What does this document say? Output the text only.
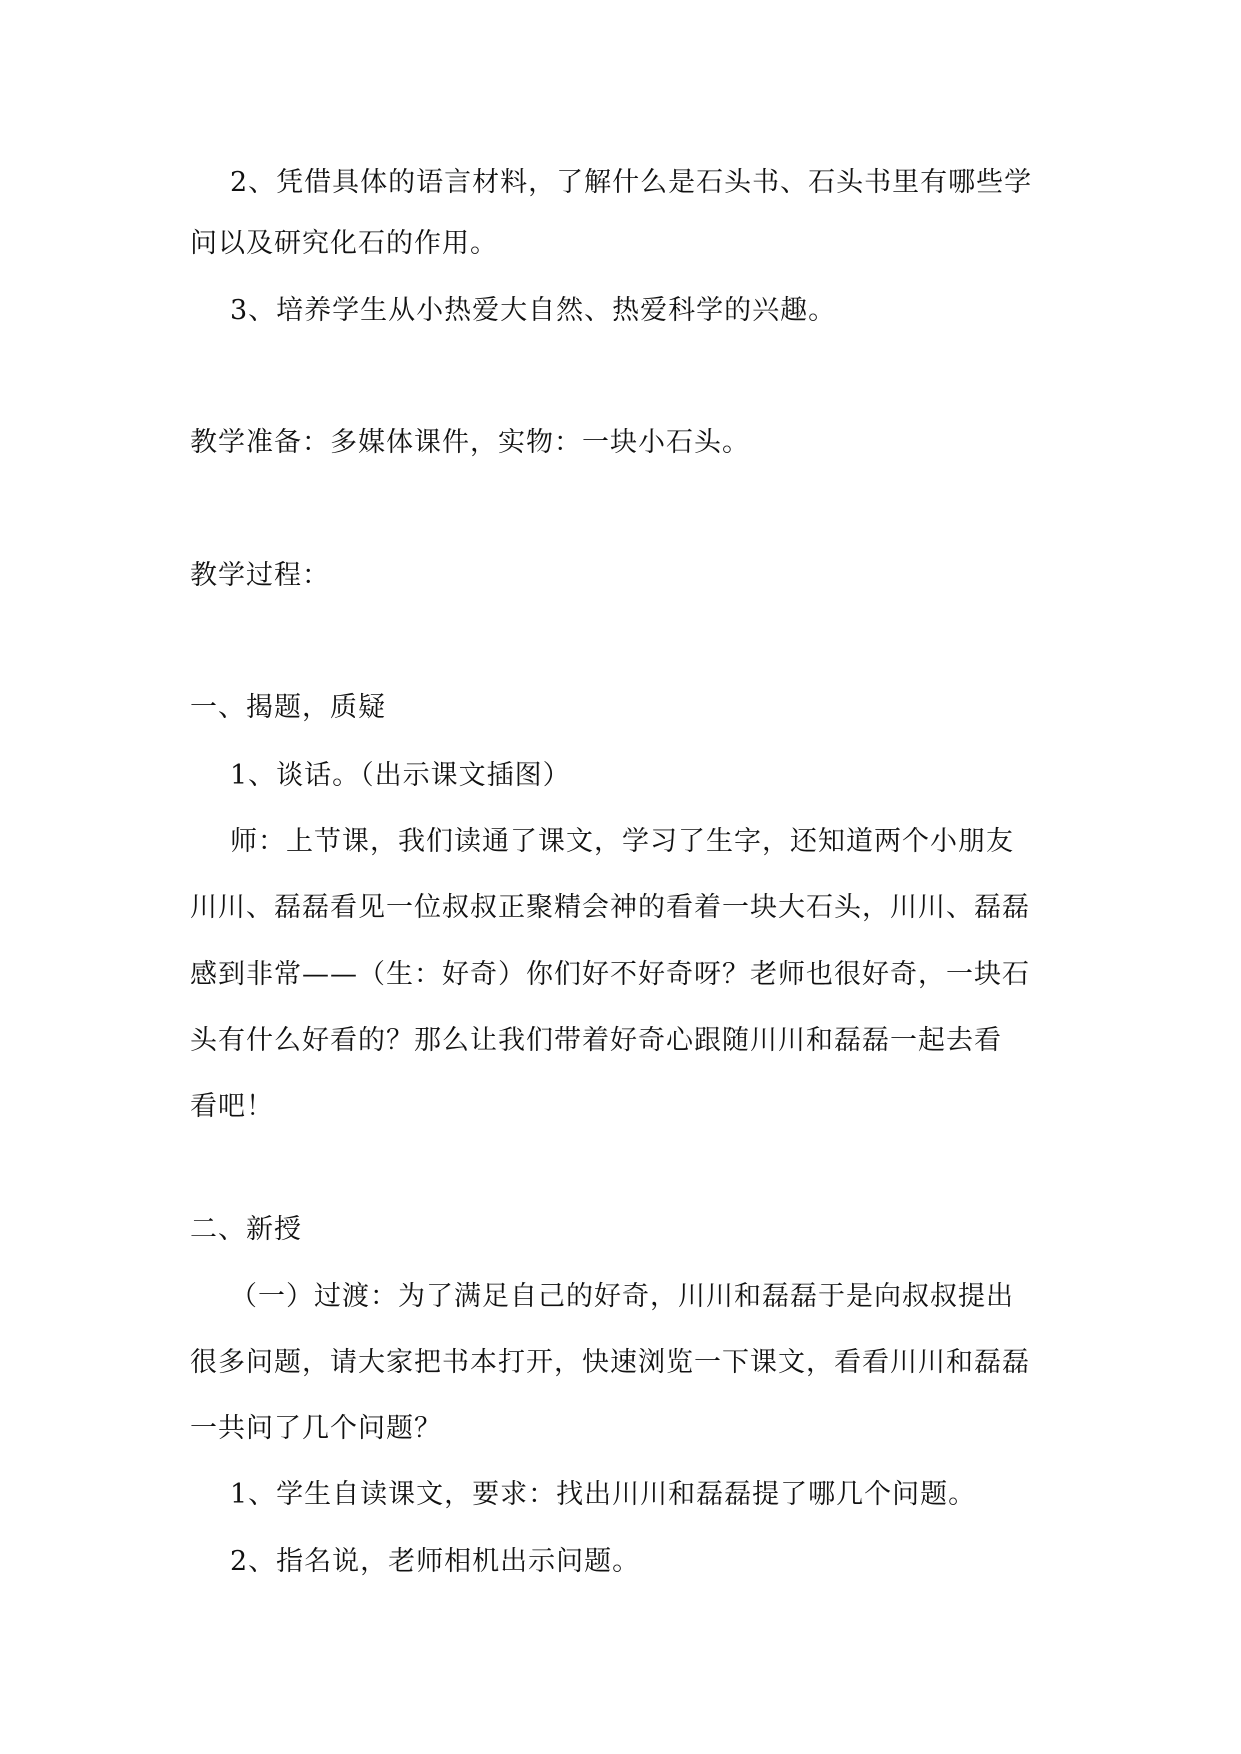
2、凭借具体的语言材料，了解什么是石头书、石头书里有哪些学
问以及研究化石的作用。
3、培养学生从小热爱大自然、热爱科学的兴趣。
教学准备：多媒体课件，实物：一块小石头。
教学过程：
一、揭题，质疑
1、谈话。（出示课文插图）
师：上节课，我们读通了课文，学习了生字，还知道两个小朋友
川川、磊磊看见一位叔叔正聚精会神的看着一块大石头，川川、磊磊
感到非常——（生：好奇）你们好不好奇呀？老师也很好奇，一块石
头有什么好看的？那么让我们带着好奇心跟随川川和磊磊一起去看
看吧！
二、新授
（一）过渡：为了满足自己的好奇，川川和磊磊于是向叔叔提出
很多问题，请大家把书本打开，快速浏览一下课文，看看川川和磊磊
一共问了几个问题？
1、学生自读课文，要求：找出川川和磊磊提了哪几个问题。
2、指名说，老师相机出示问题。
